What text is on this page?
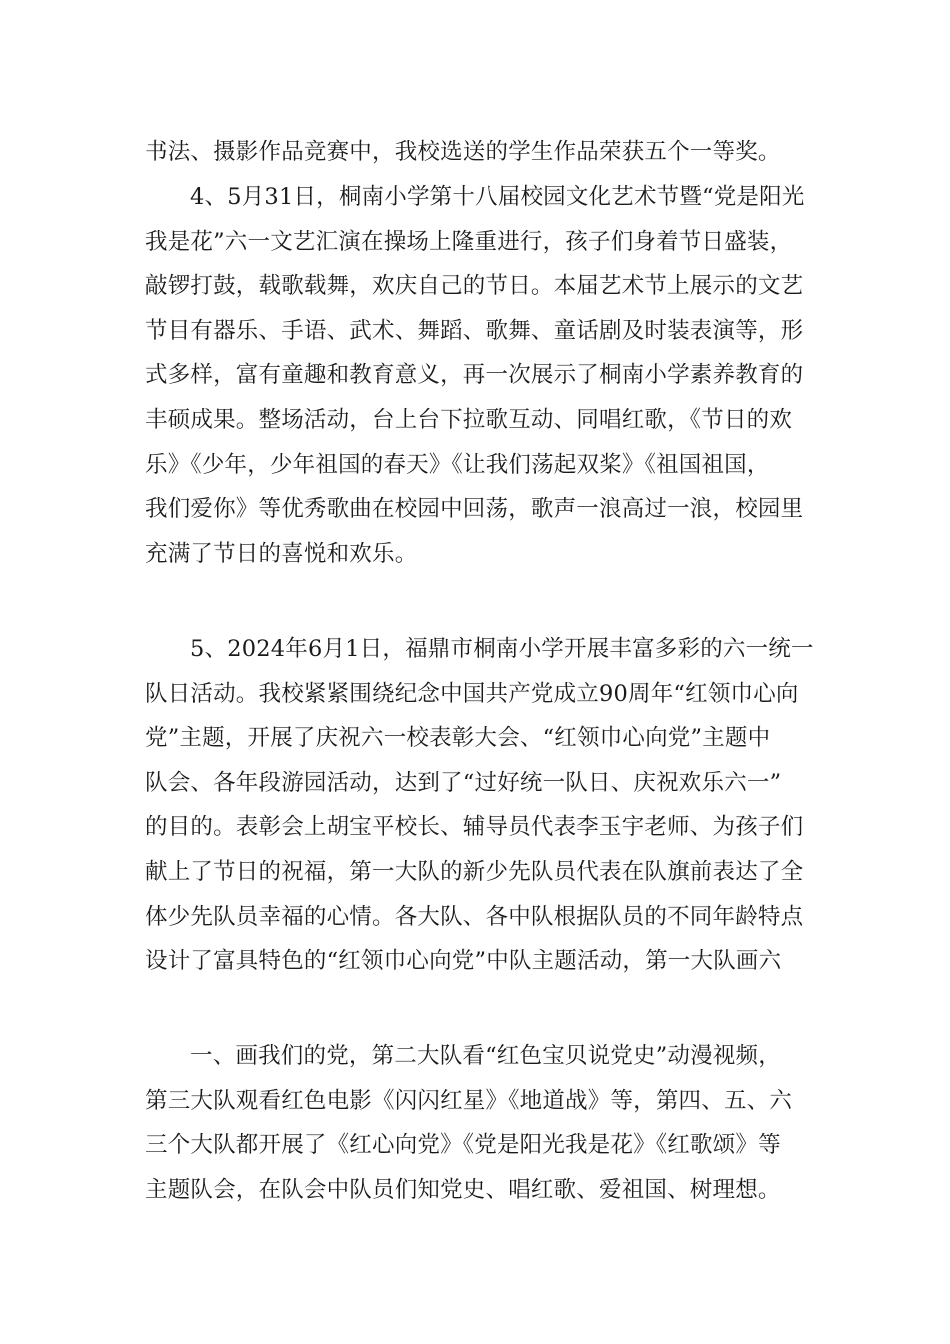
书法、摄影作品竞赛中，我校选送的学生作品荣获五个一等奖。
4、5月31日，桐南小学第十八届校园文化艺术节暨“党是阳光
我是花”六一文艺汇演在操场上隆重进行，孩子们身着节日盛装，
敲锣打鼓，载歌载舞，欢庆自己的节日。本届艺术节上展示的文艺
节目有器乐、手语、武术、舞蹈、歌舞、童话剧及时装表演等，形
式多样，富有童趣和教育意义，再一次展示了桐南小学素养教育的
丰硕成果。整场活动，台上台下拉歌互动、同唱红歌，《节日的欢
乐》《少年，少年祖国的春天》《让我们荡起双桨》《祖国祖国，
我们爱你》等优秀歌曲在校园中回荡，歌声一浪高过一浪，校园里
充满了节日的喜悦和欢乐。
5、2024年6月1日，福鼎市桐南小学开展丰富多彩的六一统一
队日活动。我校紧紧围绕纪念中国共产党成立90周年“红领巾心向
党”主题，开展了庆祝六一校表彰大会、“红领巾心向党”主题中
队会、各年段游园活动，达到了“过好统一队日、庆祝欢乐六一”
的目的。表彰会上胡宝平校长、辅导员代表李玉宇老师、为孩子们
献上了节日的祝福，第一大队的新少先队员代表在队旗前表达了全
体少先队员幸福的心情。各大队、各中队根据队员的不同年龄特点
设计了富具特色的“红领巾心向党”中队主题活动，第一大队画六
一、画我们的党，第二大队看“红色宝贝说党史”动漫视频，
第三大队观看红色电影《闪闪红星》《地道战》等，第四、五、六
三个大队都开展了《红心向党》《党是阳光我是花》《红歌颂》等
主题队会，在队会中队员们知党史、唱红歌、爱祖国、树理想。
